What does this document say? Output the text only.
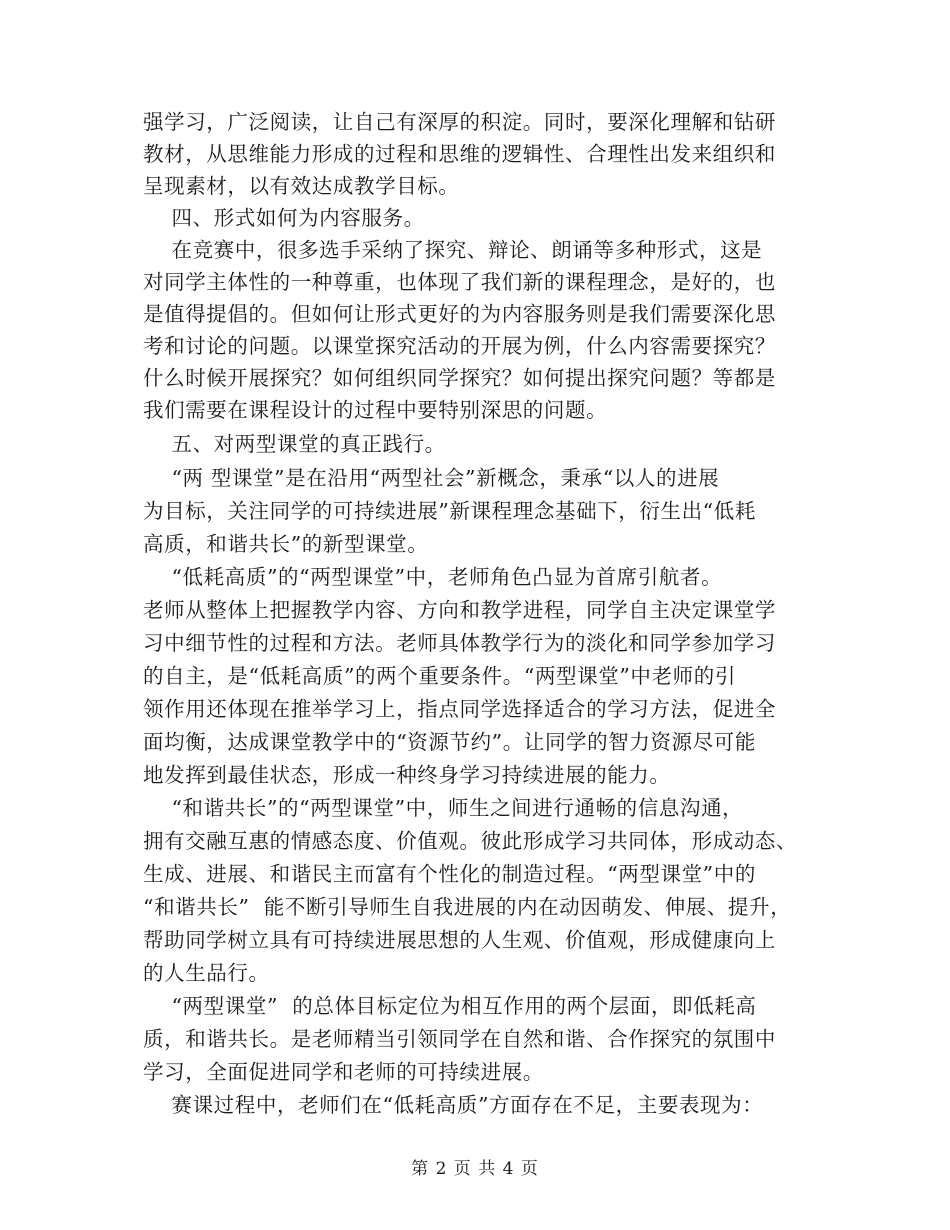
强学习，广泛阅读，让自己有深厚的积淀。同时，要深化理解和钻研
教材，从思维能力形成的过程和思维的逻辑性、合理性出发来组织和
呈现素材，以有效达成教学目标。
四、形式如何为内容服务。
在竞赛中，很多选手采纳了探究、辩论、朗诵等多种形式，这是
对同学主体性的一种尊重，也体现了我们新的课程理念，是好的，也
是值得提倡的。但如何让形式更好的为内容服务则是我们需要深化思
考和讨论的问题。以课堂探究活动的开展为例，什么内容需要探究？
什么时候开展探究？如何组织同学探究？如何提出探究问题？等都是
我们需要在课程设计的过程中要特别深思的问题。
五、对两型课堂的真正践行。
“两 型课堂”是在沿用“两型社会”新概念，秉承“以人的进展
为目标，关注同学的可持续进展”新课程理念基础下，衍生出“低耗
高质，和谐共长”的新型课堂。
“低耗高质”的“两型课堂”中，老师角色凸显为首席引航者。
老师从整体上把握教学内容、方向和教学进程，同学自主决定课堂学
习中细节性的过程和方法。老师具体教学行为的淡化和同学参加学习
的自主，是“低耗高质”的两个重要条件。“两型课堂”中老师的引
领作用还体现在推举学习上，指点同学选择适合的学习方法，促进全
面均衡，达成课堂教学中的“资源节约”。让同学的智力资源尽可能
地发挥到最佳状态，形成一种终身学习持续进展的能力。
“和谐共长”的“两型课堂”中，师生之间进行通畅的信息沟通，
拥有交融互惠的情感态度、价值观。彼此形成学习共同体，形成动态、
生成、进展、和谐民主而富有个性化的制造过程。“两型课堂”中的
“和谐共长”  能不断引导师生自我进展的内在动因萌发、伸展、提升，
帮助同学树立具有可持续进展思想的人生观、价值观，形成健康向上
的人生品行。
“两型课堂”  的总体目标定位为相互作用的两个层面，即低耗高
质，和谐共长。是老师精当引领同学在自然和谐、合作探究的氛围中
学习，全面促进同学和老师的可持续进展。
赛课过程中，老师们在“低耗高质”方面存在不足，主要表现为：
第 2 页 共 4 页
